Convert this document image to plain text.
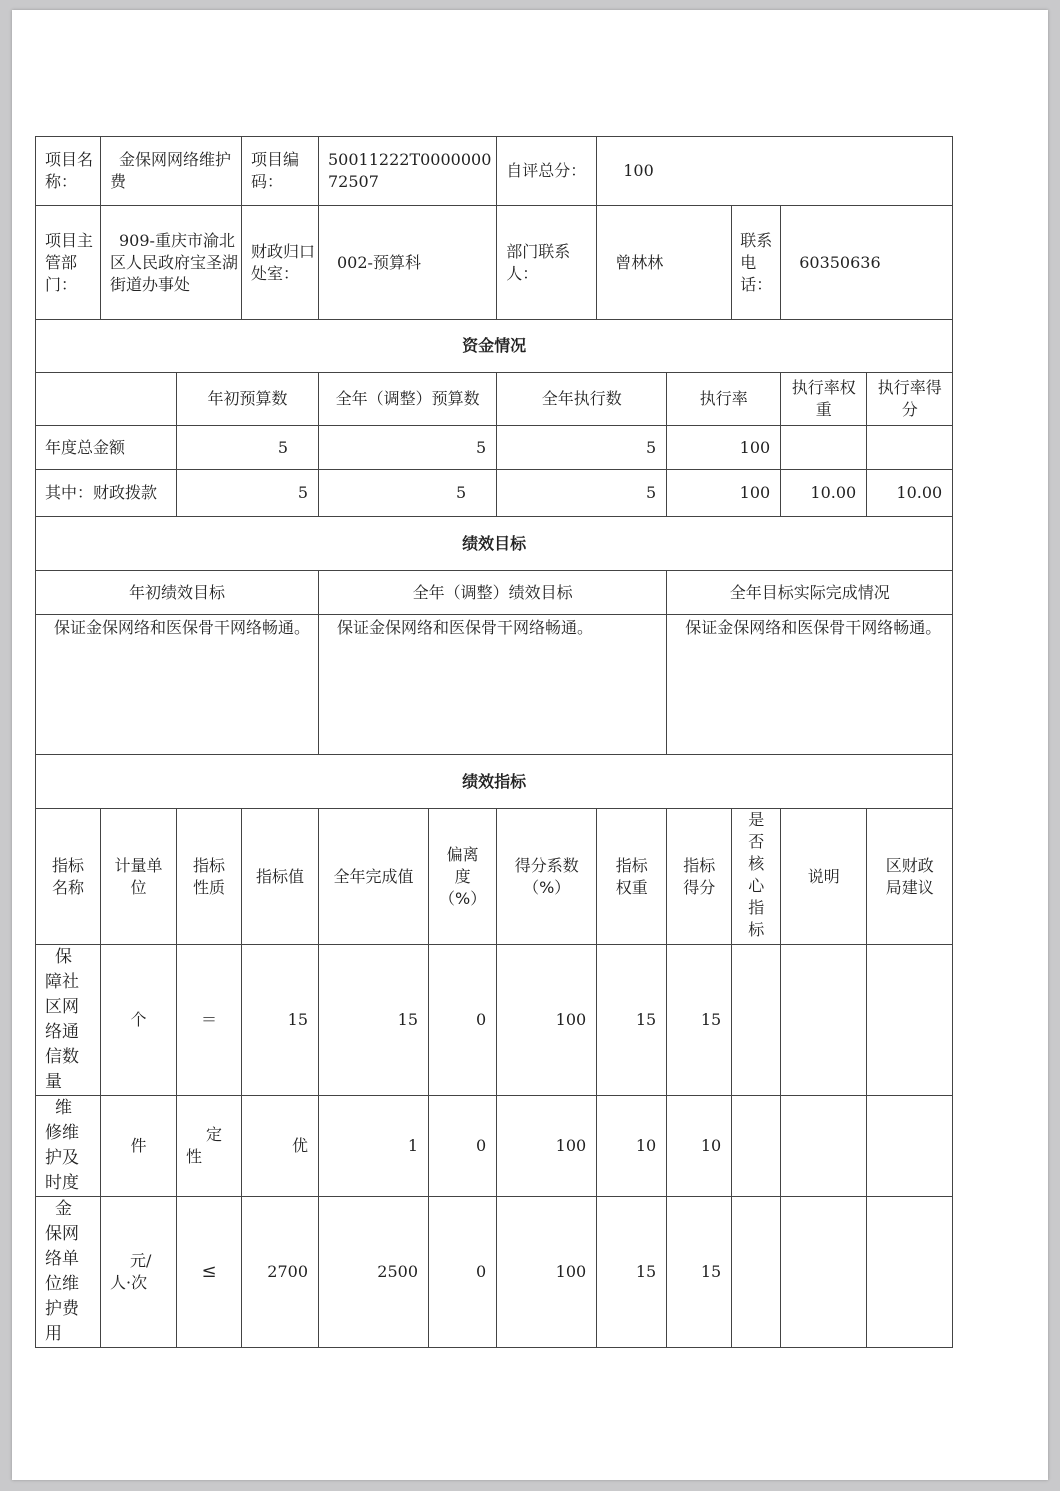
项目名称：	金保网网络维护费		项目编码：	50011222T000000072507		自评总分：	100				
项目主管部门：	909-重庆市渝北区人民政府宝圣湖街道办事处		财政归口处室：	002-预算科		部门联系人：	曾林林		联系电话：	60350636	
资金情况											
		年初预算数		全年（调整）预算数		全年执行数		执行率		执行率权重	执行率得分
年度总金额		5		5		5		100			
其中：财政拨款		5		5		5		100		10.00	10.00
绩效目标											
年初绩效目标				全年（调整）绩效目标				全年目标实际完成情况			
保证金保网络和医保骨干网络畅通。				保证金保网络和医保骨干网络畅通。				保证金保网络和医保骨干网络畅通。			
绩效指标											
指标名称	计量单位	指标性质	指标值	全年完成值	偏离度（%）	得分系数（%）	指标权重	指标得分	是否核心指标	说明	区财政局建议
保障社区网络通信数量	个	＝	15	15	0	100	15	15			
维修维护及时度	件	定性	优	1	0	100	10	10			
金保网络单位维护费用	元/人·次	≤	2700	2500	0	100	15	15			
